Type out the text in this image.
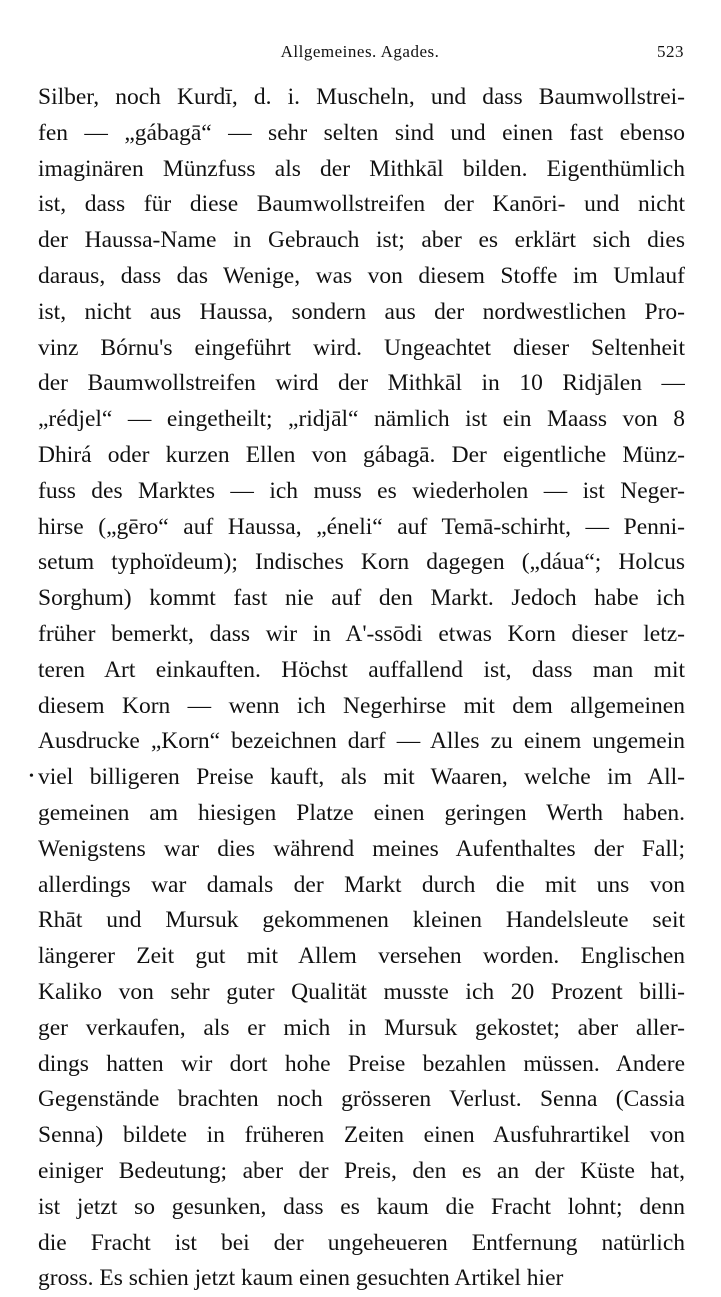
Allgemeines. Agades.	523
•
Silber, noch Kurdī, d. i. Muscheln, und dass Baumwollstrei-
fen — „gábagā“ — sehr selten sind und einen fast ebenso
imaginären Münzfuss als der Mithkāl bilden. Eigenthümlich
ist, dass für diese Baumwollstreifen der Kanōri- und nicht
der Haussa-Name in Gebrauch ist; aber es erklärt sich dies
daraus, dass das Wenige, was von diesem Stoffe im Umlauf
ist, nicht aus Haussa, sondern aus der nordwestlichen Pro-
vinz Bórnu's eingeführt wird. Ungeachtet dieser Seltenheit
der Baumwollstreifen wird der Mithkāl in 10 Ridjālen —
„rédjel“ — eingetheilt; „ridjāl“ nämlich ist ein Maass von 8
Dhirá oder kurzen Ellen von gábagā. Der eigentliche Münz-
fuss des Marktes — ich muss es wiederholen — ist Neger-
hirse („gēro“ auf Haussa, „éneli“ auf Temā-schirht, — Penni-
setum typhoïdeum); Indisches Korn dagegen („dáua“; Holcus
Sorghum) kommt fast nie auf den Markt. Jedoch habe ich
früher bemerkt, dass wir in A'-ssōdi etwas Korn dieser letz-
teren Art einkauften. Höchst auffallend ist, dass man mit
diesem Korn — wenn ich Negerhirse mit dem allgemeinen
Ausdrucke „Korn“ bezeichnen darf — Alles zu einem ungemein
viel billigeren Preise kauft, als mit Waaren, welche im All-
gemeinen am hiesigen Platze einen geringen Werth haben.
Wenigstens war dies während meines Aufenthaltes der Fall;
allerdings war damals der Markt durch die mit uns von
Rhāt und Mursuk gekommenen kleinen Handelsleute seit
längerer Zeit gut mit Allem versehen worden. Englischen
Kaliko von sehr guter Qualität musste ich 20 Prozent billi-
ger verkaufen, als er mich in Mursuk gekostet; aber aller-
dings hatten wir dort hohe Preise bezahlen müssen. Andere
Gegenstände brachten noch grösseren Verlust. Senna (Cassia
Senna) bildete in früheren Zeiten einen Ausfuhrartikel von
einiger Bedeutung; aber der Preis, den es an der Küste hat,
ist jetzt so gesunken, dass es kaum die Fracht lohnt; denn
die Fracht ist bei der ungeheueren Entfernung natürlich
gross. Es schien jetzt kaum einen gesuchten Artikel hier
